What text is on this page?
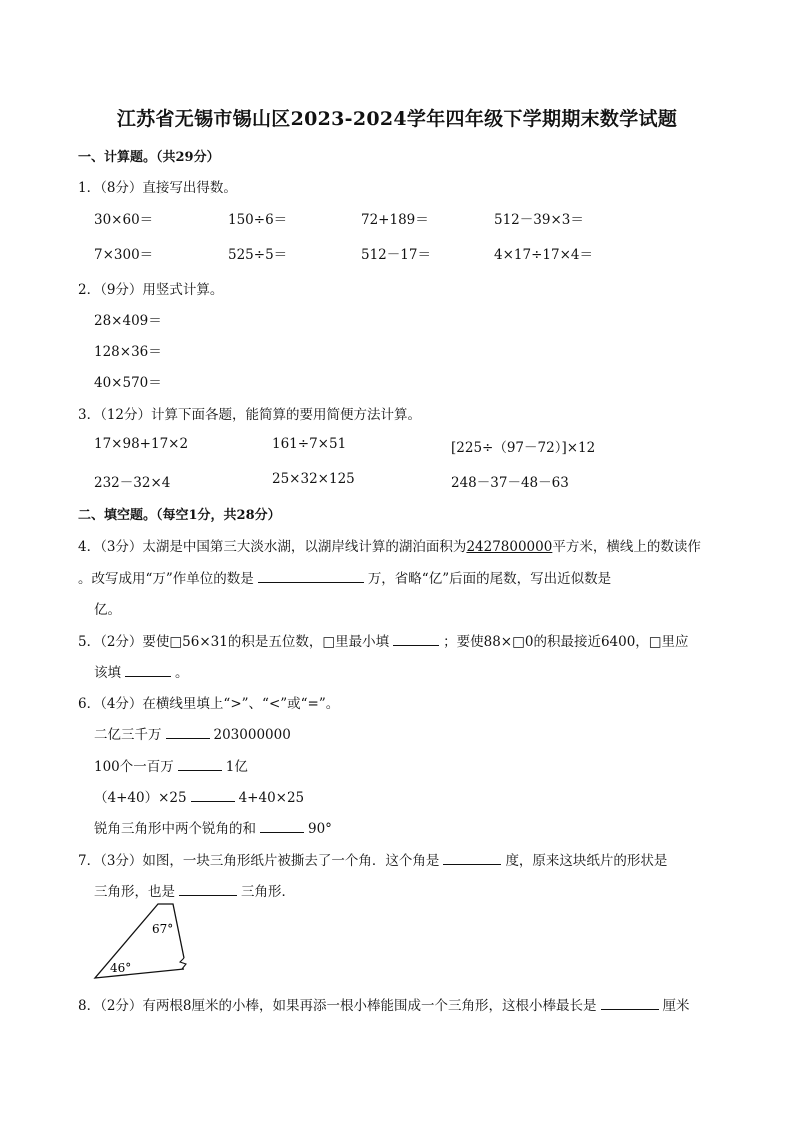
江苏省无锡市锡山区2023-2024学年四年级下学期期末数学试题
一、计算题。（共29分）
1．（8分）直接写出得数。
30×60＝	150÷6＝	72+189＝	512－39×3＝
7×300＝	525÷5＝	512－17＝	4×17÷17×4＝
2．（9分）用竖式计算。
28×409＝
128×36＝
40×570＝
3．（12分）计算下面各题，能简算的要用简便方法计算。
17×98+17×2	161÷7×51	[225÷（97－72）]×12
232－32×4	25×32×125	248－37－48－63
二、填空题。（每空1分，共28分）
4．（3分）太湖是中国第三大淡水湖，以湖岸线计算的湖泊面积为2427800000平方米，横线上的数读作
。改写成用“万”作单位的数是	万，省略“亿”后面的尾数，写出近似数是
亿。
5．（2分）要使□56×31的积是五位数，□里最小填	；要使88×□0的积最接近6400，□里应
该填	。
6．（4分）在横线里填上“>”、“<”或“=”。
二亿三千万	203000000
100个一百万	1亿
（4+40）×25	4+40×25
锐角三角形中两个锐角的和	90°
7．（3分）如图，一块三角形纸片被撕去了一个角．这个角是	度，原来这块纸片的形状是
三角形，也是	三角形．
67°
46°
8．（2分）有两根8厘米的小棒，如果再添一根小棒能围成一个三角形，这根小棒最长是	厘米
